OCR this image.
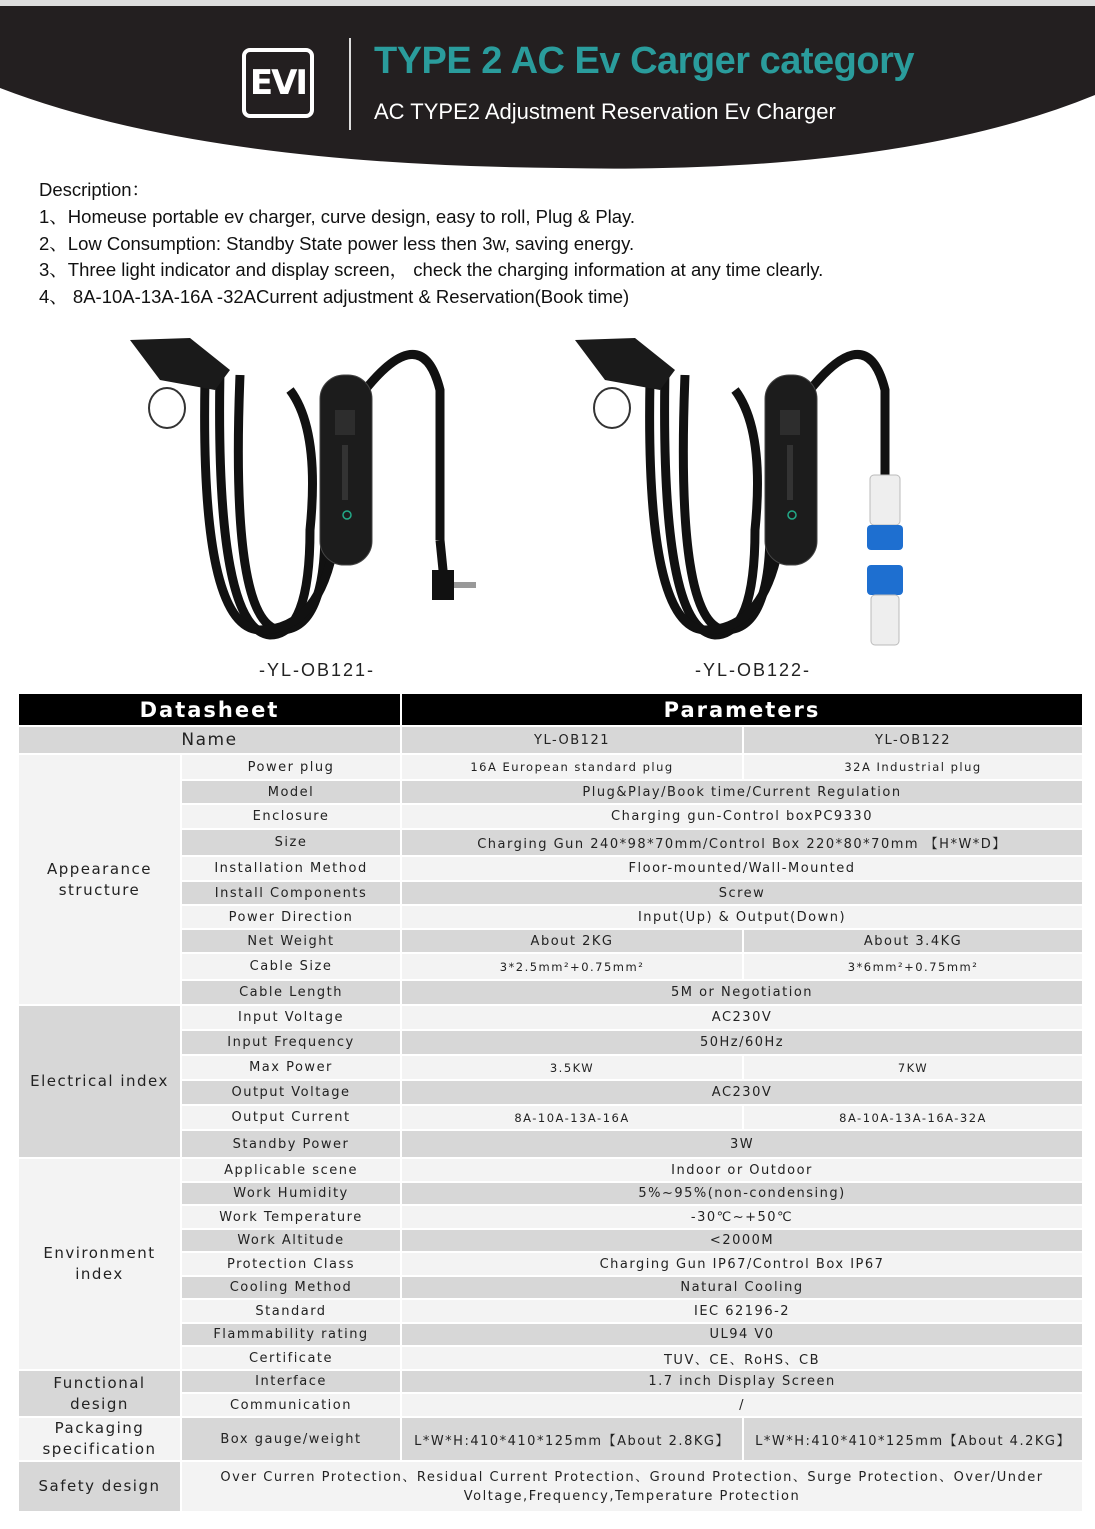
EVI
TYPE 2 AC Ev Carger category
AC TYPE2 Adjustment Reservation Ev Charger
Description：
1、Homeuse portable ev charger, curve design, easy to roll, Plug & Play.
2、Low Consumption: Standby State power less then 3w, saving energy.
3、Three light indicator and display screen， check the charging information at any time clearly.
4、 8A-10A-13A-16A -32ACurrent adjustment & Reservation(Book time)
-YL-OB121-	-YL-OB122-
Datasheet		Parameters	
Name		YL-OB121	YL-OB122
Appearance structure	Power plug	16A European standard plug	32A Industrial plug
	Model	Plug&Play/Book time/Current Regulation	
	Enclosure	Charging gun-Control boxPC9330	
	Size	Charging Gun 240*98*70mm/Control Box 220*80*70mm 【H*W*D】	
	Installation Method	Floor-mounted/Wall-Mounted	
	Install Components	Screw	
	Power Direction	Input(Up) & Output(Down)	
	Net Weight	About 2KG	About 3.4KG
	Cable Size	3*2.5mm²+0.75mm²	3*6mm²+0.75mm²
	Cable Length	5M or Negotiation	
Electrical index	Input Voltage	AC230V	
	Input Frequency	50Hz/60Hz	
	Max Power	3.5KW	7KW
	Output Voltage	AC230V	
	Output Current	8A-10A-13A-16A	8A-10A-13A-16A-32A
	Standby Power	3W	
Environment index	Applicable scene	Indoor or Outdoor	
	Work Humidity	5%~95%(non-condensing)	
	Work Temperature	-30℃~+50℃	
	Work Altitude	<2000M	
	Protection Class	Charging Gun IP67/Control Box IP67	
	Cooling Method	Natural Cooling	
	Standard	IEC 62196-2	
	Flammability rating	UL94 V0	
	Certificate	TUV、CE、RoHS、CB	
Functional design	Interface	1.7 inch Display Screen	
	Communication	/	
Packaging specification	Box gauge/weight	L*W*H:410*410*125mm【About 2.8KG】	L*W*H:410*410*125mm【About 4.2KG】
Safety design	Over Curren Protection、Residual Current Protection、Ground Protection、Surge Protection、Over/Under Voltage,Frequency,Temperature Protection		
